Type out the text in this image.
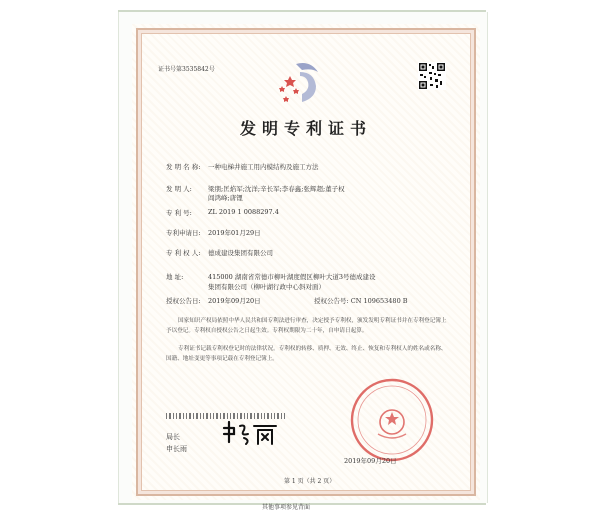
证书号第3535842号
发明专利证书
发 明 名 称: 一种电梯井施工用内模结构及施工方法
发 明 人: 梁朋;匡焰军;沈洋;辛长军;李春鑫;张辉超;董子权
闾鸿峰;唐锂
专 利 号: ZL 2019 1 0088297.4
专利申请日: 2019年01月29日
专 利 权 人: 德成建设集团有限公司
地 址:	415000 湖南省常德市柳叶湖度假区柳叶大道3号德成建设
集团有限公司（柳叶湖行政中心斜对面）
授权公告日: 2019年09月20日	授权公告号: CN 109653480 B
国家知识产权局依照中华人民共和国专利法进行审查，决定授予专利权，颁发发明专利证书并在专利登记簿上予以登记。专利权自授权公告之日起生效。专利权期限为二十年，自申请日起算。
专利证书记载专利权登记时的法律状况。专利权的转移、质押、无效、终止、恢复和专利权人的姓名或名称、国籍、地址变更等事项记载在专利登记簿上。
局长
申长雨
2019年09月20日
第 1 页（共 2 页）
其他事项参见背面
